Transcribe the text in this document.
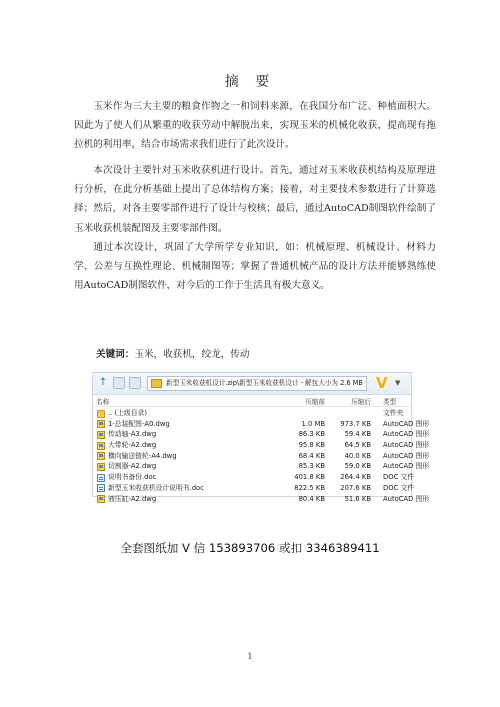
摘 要

玉米作为三大主要的粮食作物之一和饲料来源，在我国分布广泛、种植面积大。因此为了使人们从繁重的收获劳动中解脱出来，实现玉米的机械化收获，提高现有拖拉机的利用率，结合市场需求我们进行了此次设计。

本次设计主要针对玉米收获机进行设计。首先，通过对玉米收获机结构及原理进行分析，在此分析基础上提出了总体结构方案；接着，对主要技术参数进行了计算选择；然后，对各主要零部件进行了设计与校核；最后，通过AutoCAD制图软件绘制了玉米收获机装配图及主要零部件图。

通过本次设计，巩固了大学所学专业知识，如：机械原理、机械设计、材料力学、公差与互换性理论、机械制图等；掌握了普通机械产品的设计方法并能够熟练使用AutoCAD制图软件，对今后的工作于生活具有极大意义。

关键词：玉米，收获机，绞龙，传动
↑	新型玉米收获机设计.zip\新型玉米收获机设计 - 解包大小为 2.6 MB V ▼
名称	压缩前	压缩后 类型
.. (上级目录)	文件夹
1-总装配图-A0.dwg	1.0 MB	973.7 KB AutoCAD 图形
传动轴-A3.dwg	86.3 KB	59.4 KB AutoCAD 图形
大带轮-A2.dwg	95.8 KB	64.5 KB AutoCAD 图形
横向输送链轮-A4.dwg	68.4 KB	40.0 KB AutoCAD 图形
切割器-A2.dwg	85.3 KB	59.0 KB AutoCAD 图形
说明书备份.doc	401.8 KB	264.4 KB DOC 文件
新型玉米收获机设计说明书.doc	822.5 KB	207.6 KB DOC 文件
液压缸-A2.dwg	80.4 KB	51.6 KB AutoCAD 图形
全套图纸加 V 信 153893706 或扣 3346389411
1
